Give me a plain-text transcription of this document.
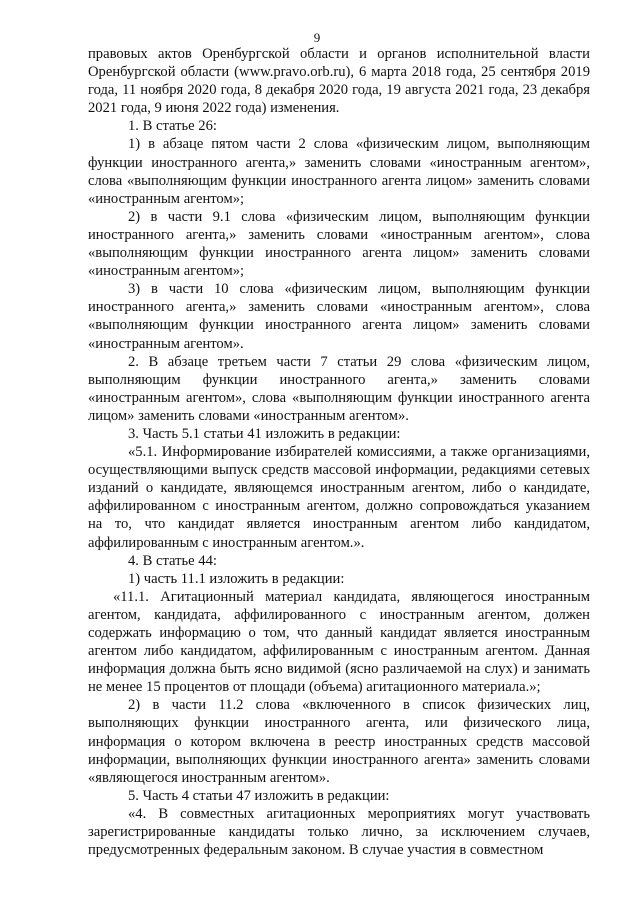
9

правовых актов Оренбургской области и органов исполнительной власти Оренбургской области (www.pravo.orb.ru), 6 марта 2018 года, 25 сентября 2019 года, 11 ноября 2020 года, 8 декабря 2020 года, 19 августа 2021 года, 23 декабря 2021 года, 9 июня 2022 года) изменения.

1. В статье 26:

1) в абзаце пятом части 2 слова «физическим лицом, выполняющим функции иностранного агента,» заменить словами «иностранным агентом», слова «выполняющим функции иностранного агента лицом» заменить словами «иностранным агентом»;

2) в части 9.1 слова «физическим лицом, выполняющим функции иностранного агента,» заменить словами «иностранным агентом», слова «выполняющим функции иностранного агента лицом» заменить словами «иностранным агентом»;

3) в части 10 слова «физическим лицом, выполняющим функции иностранного агента,» заменить словами «иностранным агентом», слова «выполняющим функции иностранного агента лицом» заменить словами «иностранным агентом».

2. В абзаце третьем части 7 статьи 29 слова «физическим лицом, выполняющим функции иностранного агента,» заменить словами «иностранным агентом», слова «выполняющим функции иностранного агента лицом» заменить словами «иностранным агентом».

3. Часть 5.1 статьи 41 изложить в редакции:

«5.1. Информирование избирателей комиссиями, а также организациями, осуществляющими выпуск средств массовой информации, редакциями сетевых изданий о кандидате, являющемся иностранным агентом, либо о кандидате, аффилированном с иностранным агентом, должно сопровождаться указанием на то, что кандидат является иностранным агентом либо кандидатом, аффилированным с иностранным агентом.».

4. В статье 44:

1) часть 11.1 изложить в редакции:

«11.1. Агитационный материал кандидата, являющегося иностранным агентом, кандидата, аффилированного с иностранным агентом, должен содержать информацию о том, что данный кандидат является иностранным агентом либо кандидатом, аффилированным с иностранным агентом. Данная информация должна быть ясно видимой (ясно различаемой на слух) и занимать не менее 15 процентов от площади (объема) агитационного материала.»;

2) в части 11.2 слова «включенного в список физических лиц, выполняющих функции иностранного агента, или физического лица, информация о котором включена в реестр иностранных средств массовой информации, выполняющих функции иностранного агента» заменить словами «являющегося иностранным агентом».

5. Часть 4 статьи 47 изложить в редакции:

«4. В совместных агитационных мероприятиях могут участвовать зарегистрированные кандидаты только лично, за исключением случаев, предусмотренных федеральным законом. В случае участия в совместном
